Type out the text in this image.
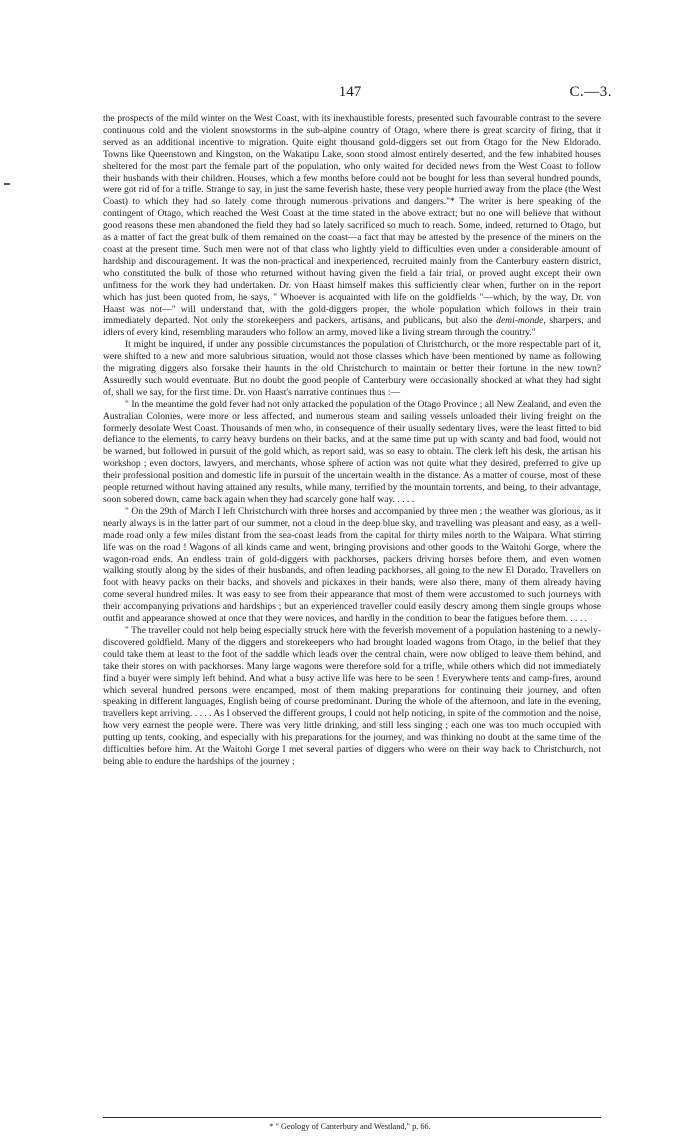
147	C.—3.

the prospects of the mild winter on the West Coast, with its inexhaustible forests, presented such favourable contrast to the severe continuous cold and the violent snowstorms in the sub-alpine country of Otago, where there is great scarcity of firing, that it served as an additional incentive to migration. Quite eight thousand gold-diggers set out from Otago for the New Eldorado. Towns like Queenstown and Kingston, on the Wakatipu Lake, soon stood almost entirely deserted, and the few inhabited houses sheltered for the most part the female part of the population, who only waited for decided news from the West Coast to follow their husbands with their children. Houses, which a few months before could not be bought for less than several hundred pounds, were got rid of for a trifle. Strange to say, in just the same feverish haste, these very people hurried away from the place (the West Coast) to which they had so lately come through numerous privations and dangers."* The writer is here speaking of the contingent of Otago, which reached the West Coast at the time stated in the above extract; but no one will believe that without good reasons these men abandoned the field they had so lately sacrificed so much to reach. Some, indeed, returned to Otago, but as a matter of fact the great bulk of them remained on the coast—a fact that may be attested by the presence of the miners on the coast at the present time. Such men were not of that class who lightly yield to difficulties even under a considerable amount of hardship and discouragement. It was the non-practical and inexperienced, recruited mainly from the Canterbury eastern district, who constituted the bulk of those who returned without having given the field a fair trial, or proved aught except their own unfitness for the work they had undertaken. Dr. von Haast himself makes this sufficiently clear when, further on in the report which has just been quoted from, he says, " Whoever is acquainted with life on the goldfields "—which, by the way, Dr. von Haast was not—" will understand that, with the gold-diggers proper, the whole population which follows in their train immediately departed. Not only the storekeepers and packers, artisans, and publicans, but also the demi-monde, sharpers, and idlers of every kind, resembling marauders who follow an army, moved like a living stream through the country."

It might be inquired, if under any possible circumstances the population of Christchurch, or the more respectable part of it, were shifted to a new and more salubrious situation, would not those classes which have been mentioned by name as following the migrating diggers also forsake their haunts in the old Christchurch to maintain or better their fortune in the new town? Assuredly such would eventuate. But no doubt the good people of Canterbury were occasionally shocked at what they had sight of, shall we say, for the first time. Dr. von Haast's narrative continues thus :—

" In the meantime the gold fever had not only attacked the population of the Otago Province ; all New Zealand, and even the Australian Colonies, were more or less affected, and numerous steam and sailing vessels unloaded their living freight on the formerly desolate West Coast. Thousands of men who, in consequence of their usually sedentary lives, were the least fitted to bid defiance to the elements, to carry heavy burdens on their backs, and at the same time put up with scanty and bad food, would not be warned, but followed in pursuit of the gold which, as report said, was so easy to obtain. The clerk left his desk, the artisan his workshop ; even doctors, lawyers, and merchants, whose sphere of action was not quite what they desired, preferred to give up their professional position and domestic life in pursuit of the uncertain wealth in the distance. As a matter of course, most of these people returned without having attained any results, while many, terrified by the mountain torrents, and being, to their advantage, soon sobered down, came back again when they had scarcely gone half way. . . . .

" On the 29th of March I left Christchurch with three horses and accompanied by three men ; the weather was glorious, as it nearly always is in the latter part of our summer, not a cloud in the deep blue sky, and travelling was pleasant and easy, as a well-made road only a few miles distant from the sea-coast leads from the capital for thirty miles north to the Waipara. What stirring life was on the road ! Wagons of all kinds came and went, bringing provisions and other goods to the Waitohi Gorge, where the wagon-road ends. An endless train of gold-diggers with packhorses, packers driving horses before them, and even women walking stoutly along by the sides of their husbands, and often leading packhorses, all going to the new El Dorado. Travellers on foot with heavy packs on their backs, and shovels and pickaxes in their hands, were also there, many of them already having come several hundred miles. It was easy to see from their appearance that most of them were accustomed to such journeys with their accompanying privations and hardships ; but an experienced traveller could easily descry among them single groups whose outfit and appearance showed at once that they were novices, and hardly in the condition to bear the fatigues before them. . . . .

" The traveller could not help being especially struck here with the feverish movement of a population hastening to a newly-discovered goldfield. Many of the diggers and storekeepers who had brought loaded wagons from Otago, in the belief that they could take them at least to the foot of the saddle which leads over the central chain, were now obliged to leave them behind, and take their stores on with packhorses. Many large wagons were therefore sold for a trifle, while others which did not immediately find a buyer were simply left behind. And what a busy active life was here to be seen ! Everywhere tents and camp-fires, around which several hundred persons were encamped, most of them making preparations for continuing their journey, and often speaking in different languages, English being of course predominant. During the whole of the afternoon, and late in the evening, travellers kept arriving. . . . . As I observed the different groups, I could not help noticing, in spite of the commotion and the noise, how very earnest the people were. There was very little drinking, and still less singing ; each one was too much occupied with putting up tents, cooking, and especially with his preparations for the journey, and was thinking no doubt at the same time of the difficulties before him. At the Waitohi Gorge I met several parties of diggers who were on their way back to Christchurch, not being able to endure the hardships of the journey ;

* " Geology of Canterbury and Westland," p. 66.
